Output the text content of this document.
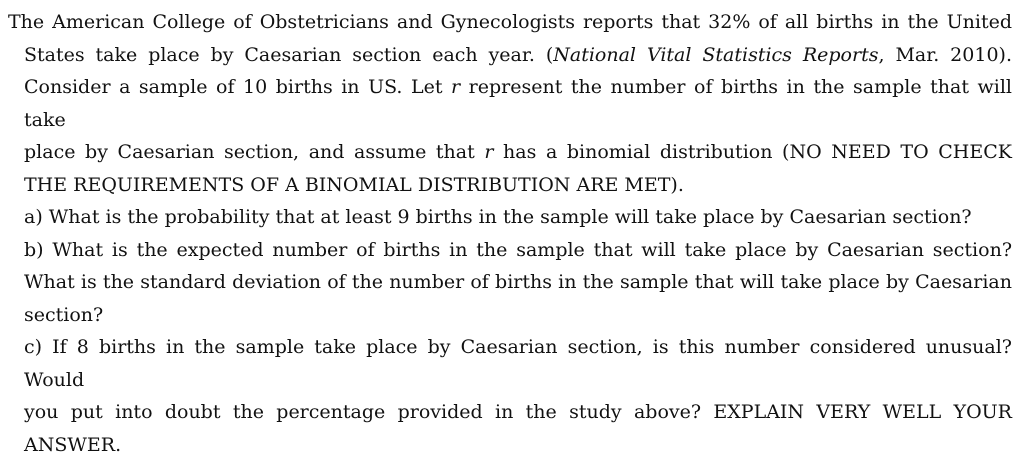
The American College of Obstetricians and Gynecologists reports that 32% of all births in the United
States take place by Caesarian section each year. (National Vital Statistics Reports, Mar. 2010).
Consider a sample of 10 births in US. Let r represent the number of births in the sample that will take
place by Caesarian section, and assume that r has a binomial distribution (NO NEED TO CHECK
THE REQUIREMENTS OF A BINOMIAL DISTRIBUTION ARE MET).
a) What is the probability that at least 9 births in the sample will take place by Caesarian section?
b) What is the expected number of births in the sample that will take place by Caesarian section?
What is the standard deviation of the number of births in the sample that will take place by Caesarian
section?
c) If 8 births in the sample take place by Caesarian section, is this number considered unusual? Would
you put into doubt the percentage provided in the study above? EXPLAIN VERY WELL YOUR
ANSWER.
